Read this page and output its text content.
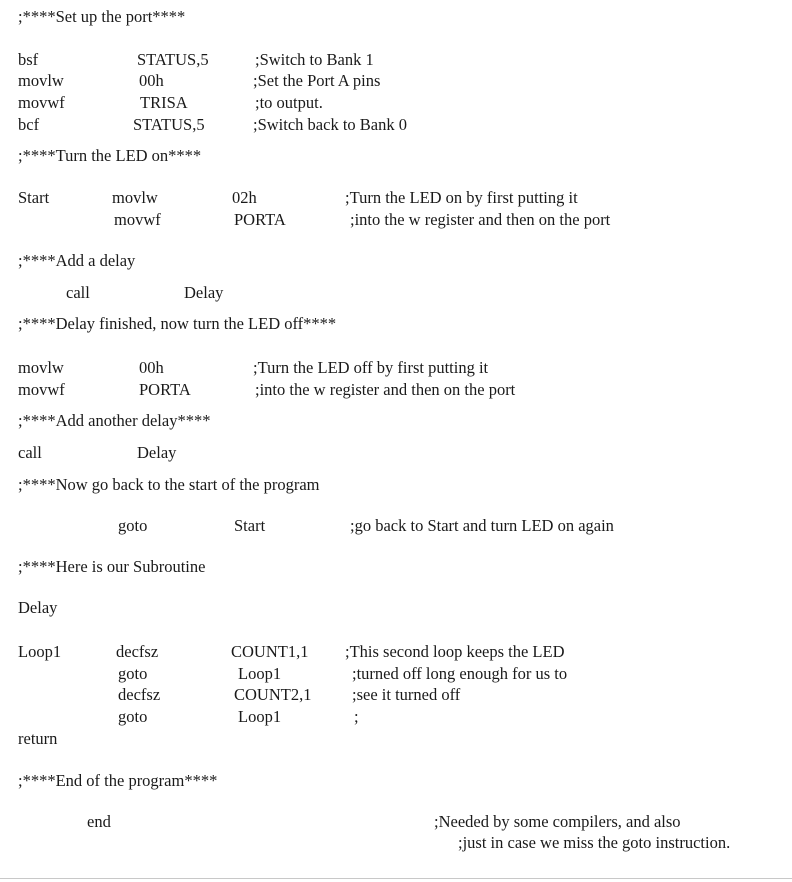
;****Set up the port****
bsf	STATUS,5	;Switch to Bank 1
movlw	00h	;Set the Port A pins
movwf	TRISA	;to output.
bcf	STATUS,5	;Switch back to Bank 0
;****Turn the LED on****
Start	movlw	02h	;Turn the LED on by first putting it
movwf	PORTA	;into the w register and then on the port
;****Add a delay
call	Delay
;****Delay finished, now turn the LED off****
movlw	00h	;Turn the LED off by first putting it
movwf	PORTA	;into the w register and then on the port
;****Add another delay****
call	Delay
;****Now go back to the start of the program
goto	Start	;go back to Start and turn LED on again
;****Here is our Subroutine
Delay
Loop1	decfsz	COUNT1,1 ;This second loop keeps the LED
goto	Loop1	;turned off long enough for us to
decfsz	COUNT2,1 ;see it turned off
goto	Loop1	;
return
;****End of the program****
end	;Needed by some compilers, and also
;just in case we miss the goto instruction.
